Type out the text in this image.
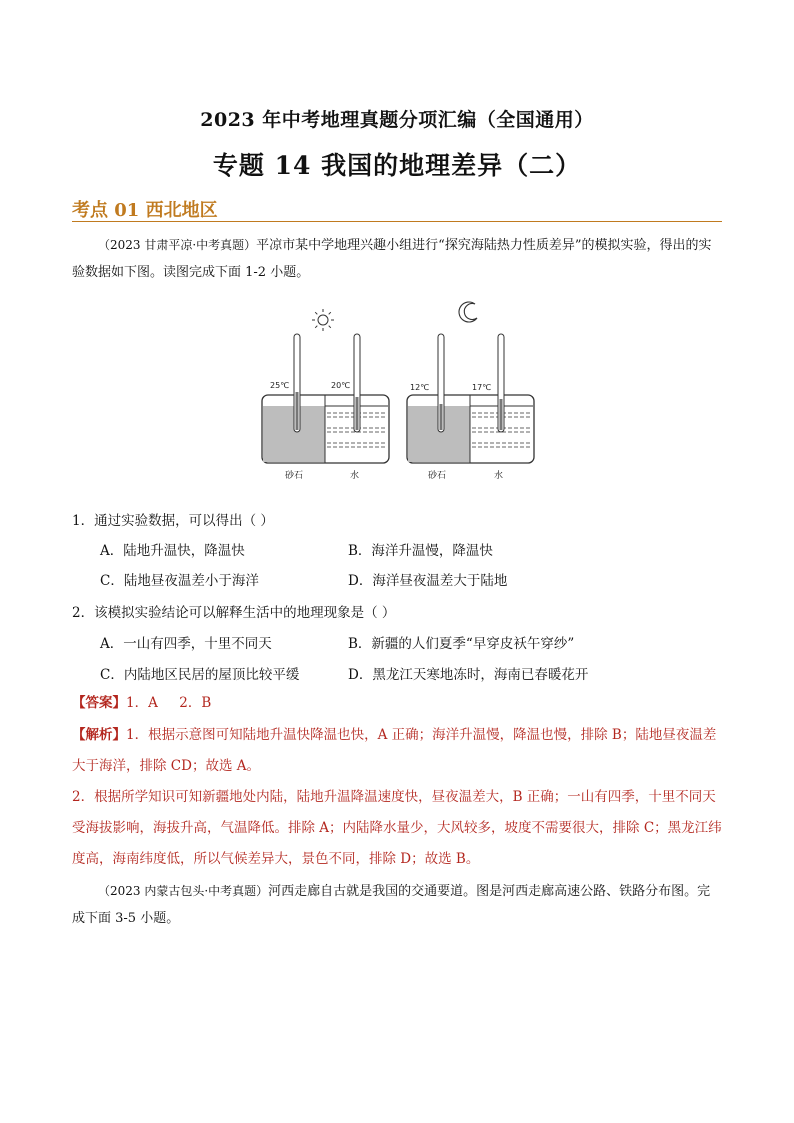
2023 年中考地理真题分项汇编（全国通用）
专题 14 我国的地理差异（二）
考点 01 西北地区
（2023 甘肃平凉·中考真题）平凉市某中学地理兴趣小组进行“探究海陆热力性质差异”的模拟实验，得出的实验数据如下图。读图完成下面 1-2 小题。
25℃	20℃
砂石	水
12℃	17℃
砂石	水
1．通过实验数据，可以得出（ ）
A．陆地升温快，降温快	B．海洋升温慢，降温快
C．陆地昼夜温差小于海洋	D．海洋昼夜温差大于陆地
2．该模拟实验结论可以解释生活中的地理现象是（ ）
A．一山有四季，十里不同天	B．新疆的人们夏季“早穿皮袄午穿纱”
C．内陆地区民居的屋顶比较平缓	D．黑龙江天寒地冻时，海南已春暖花开
【答案】1．A     2．B
【解析】1．根据示意图可知陆地升温快降温也快，A 正确；海洋升温慢，降温也慢，排除 B；陆地昼夜温差大于海洋，排除 CD；故选 A。
2．根据所学知识可知新疆地处内陆，陆地升温降温速度快，昼夜温差大，B 正确；一山有四季，十里不同天受海拔影响，海拔升高，气温降低。排除 A；内陆降水量少，大风较多，坡度不需要很大，排除 C；黑龙江纬度高，海南纬度低，所以气候差异大，景色不同，排除 D；故选 B。
（2023 内蒙古包头·中考真题）河西走廊自古就是我国的交通要道。图是河西走廊高速公路、铁路分布图。完成下面 3-5 小题。
